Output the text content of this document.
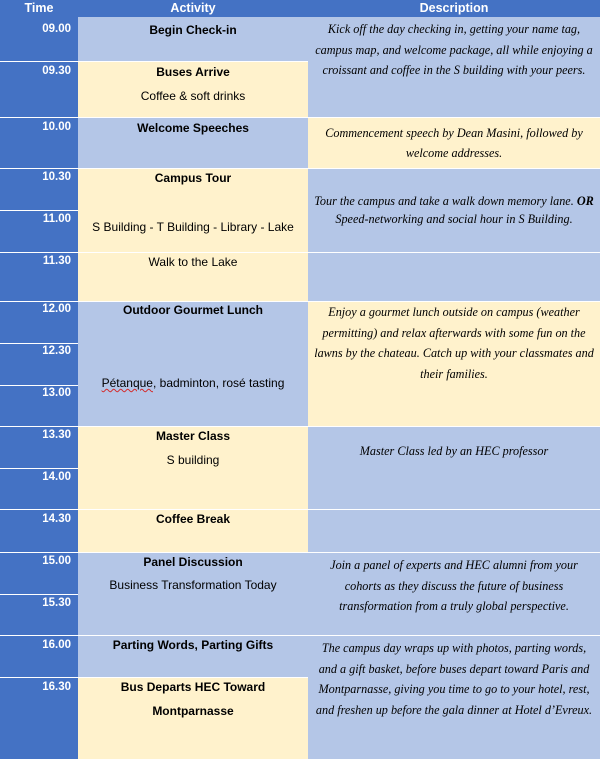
Time	Activity	Description
09.00
09.30
10.00
10.30
11.00
11.30
12.00
12.30
13.00
13.30
14.00
14.30
15.00
15.30
16.00
16.30
Begin Check-in
Buses Arrive
Coffee & soft drinks
Welcome Speeches
Campus Tour
S Building - T Building - Library - Lake
Walk to the Lake
Outdoor Gourmet Lunch
Pétanque, badminton, rosé tasting
Master Class
S building
Coffee Break
Panel Discussion
Business Transformation Today
Parting Words, Parting Gifts
Bus Departs HEC Toward
Montparnasse
Kick off the day checking in, getting your name tag, campus map, and welcome package, all while enjoying a croissant and coffee in the S building with your peers.
Commencement speech by Dean Masini, followed by welcome addresses.
Tour the campus and take a walk down memory lane. OR Speed-networking and social hour in S Building.
Enjoy a gourmet lunch outside on campus (weather permitting) and relax afterwards with some fun on the lawns by the chateau. Catch up with your classmates and their families.
Master Class led by an HEC professor
Join a panel of experts and HEC alumni from your cohorts as they discuss the future of business transformation from a truly global perspective.
The campus day wraps up with photos, parting words, and a gift basket, before buses depart toward Paris and Montparnasse, giving you time to go to your hotel, rest, and freshen up before the gala dinner at Hotel d’Evreux.
